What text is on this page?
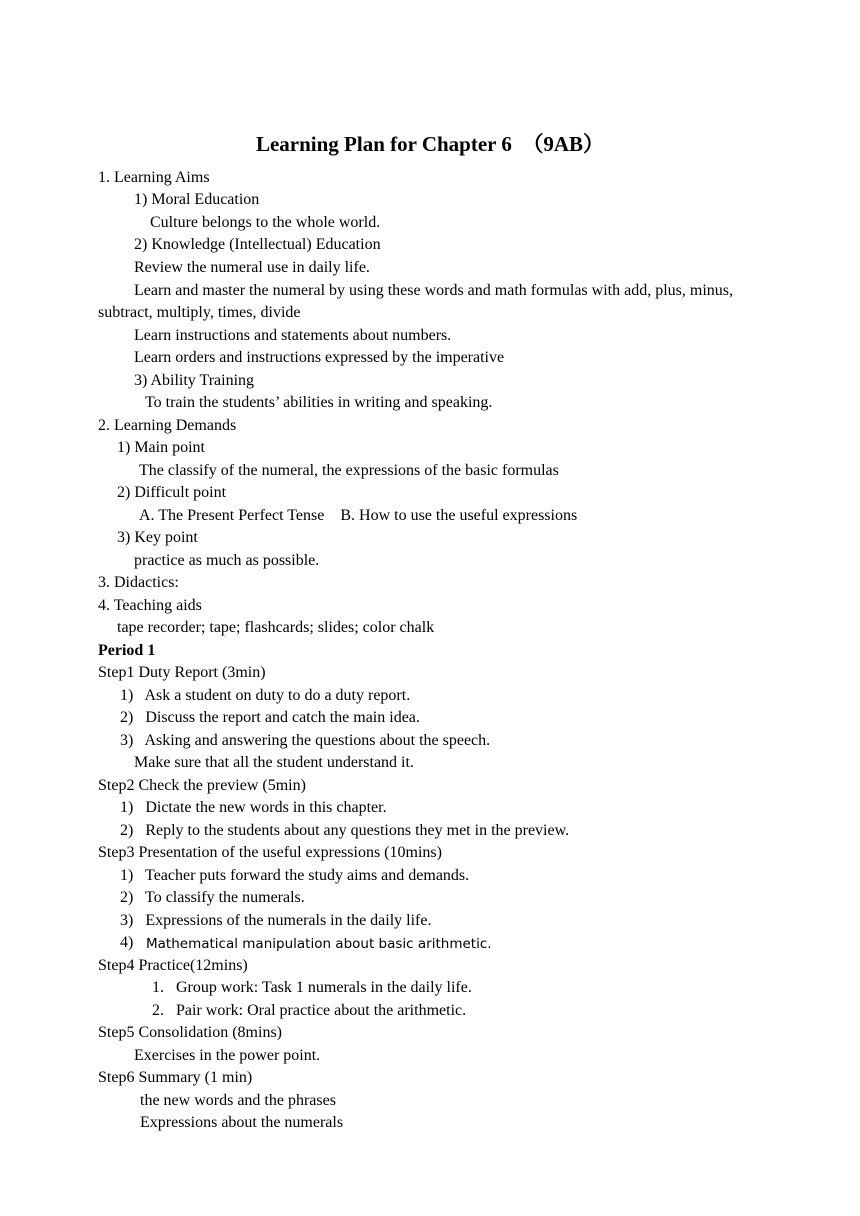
Learning Plan for Chapter 6　（9AB）
1. Learning Aims
1) Moral Education
Culture belongs to the whole world.
2) Knowledge (Intellectual) Education
Review the numeral use in daily life.
Learn and master the numeral by using these words and math formulas with add, plus, minus,
subtract, multiply, times, divide
Learn instructions and statements about numbers.
Learn orders and instructions expressed by the imperative
3) Ability Training
To train the students’ abilities in writing and speaking.
2. Learning Demands
1) Main point
The classify of the numeral, the expressions of the basic formulas
2) Difficult point
A. The Present Perfect Tense　B. How to use the useful expressions
3) Key point
practice as much as possible.
3. Didactics:
4. Teaching aids
tape recorder; tape; flashcards; slides; color chalk
Period 1
Step1 Duty Report (3min)
1)   Ask a student on duty to do a duty report.
2)   Discuss the report and catch the main idea.
3)   Asking and answering the questions about the speech.
Make sure that all the student understand it.
Step2 Check the preview (5min)
1)   Dictate the new words in this chapter.
2)   Reply to the students about any questions they met in the preview.
Step3 Presentation of the useful expressions (10mins)
1)   Teacher puts forward the study aims and demands.
2)   To classify the numerals.
3)   Expressions of the numerals in the daily life.
4) Mathematical manipulation about basic arithmetic.
Step4 Practice(12mins)
1.   Group work: Task 1 numerals in the daily life.
2.   Pair work: Oral practice about the arithmetic.
Step5 Consolidation (8mins)
Exercises in the power point.
Step6 Summary (1 min)
the new words and the phrases
Expressions about the numerals
